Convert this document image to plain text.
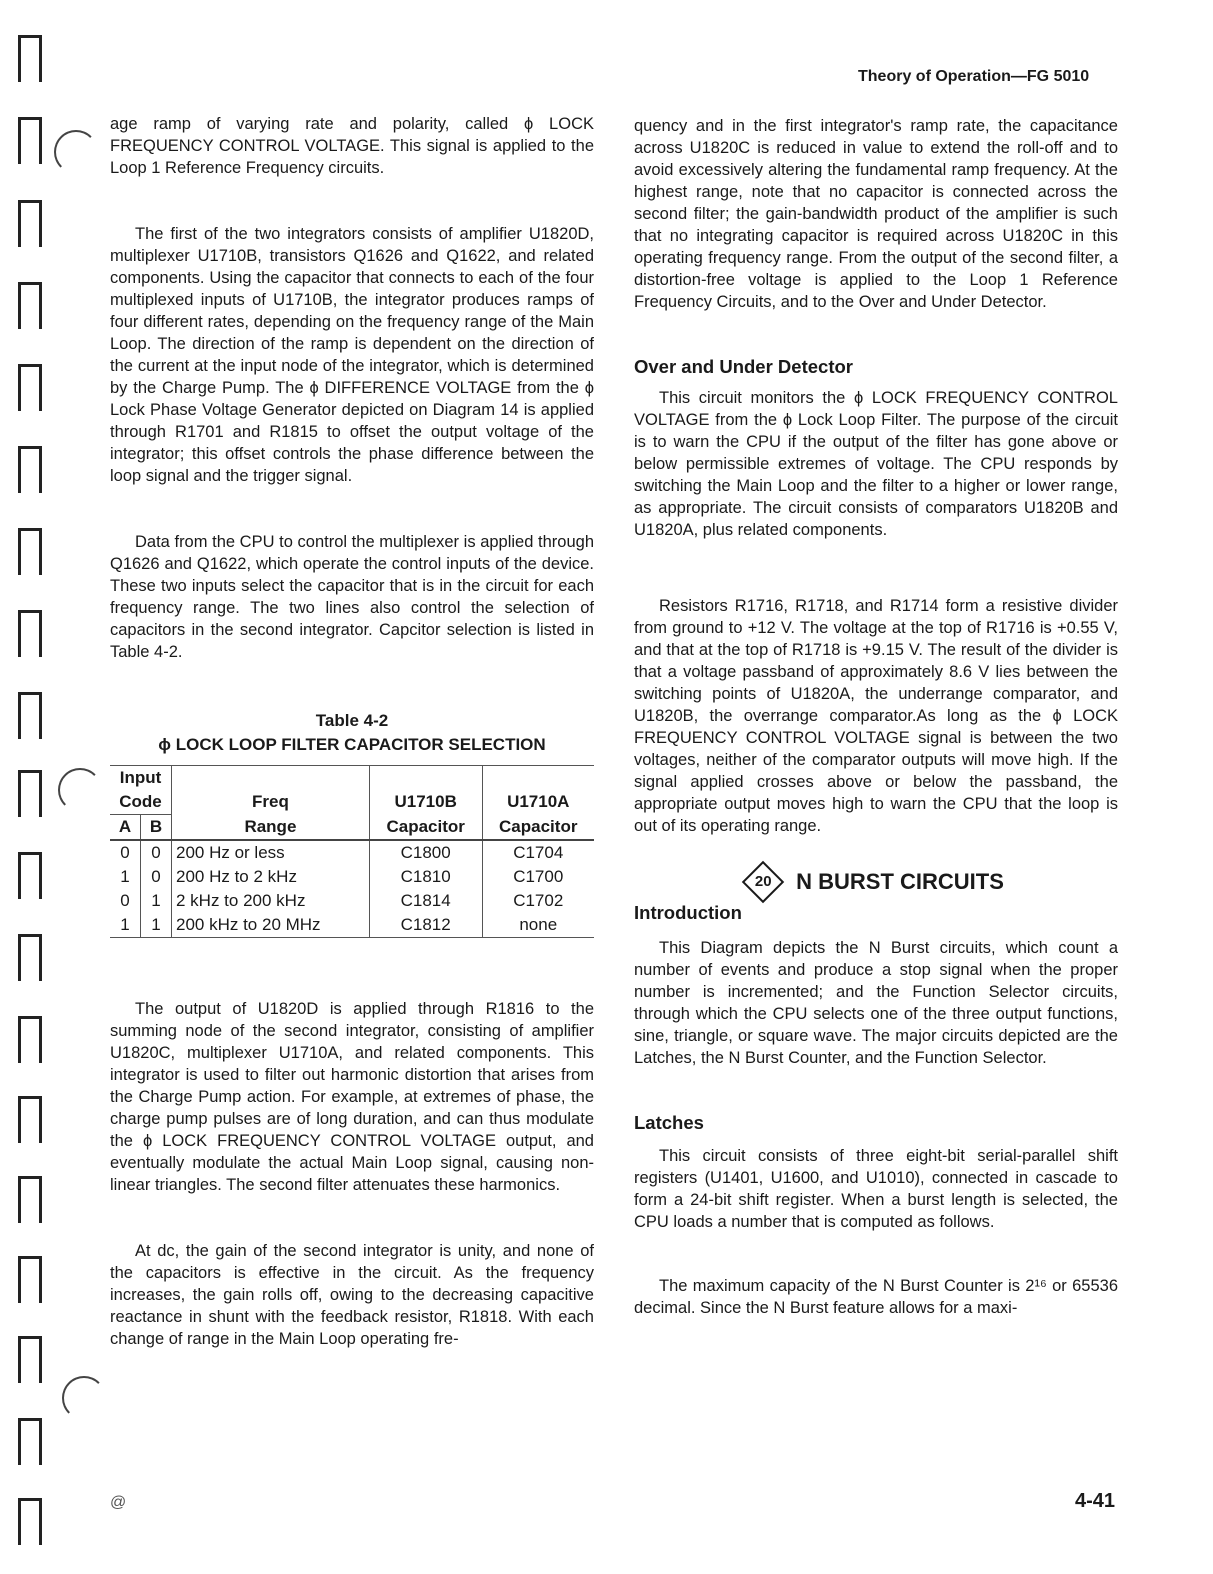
Theory of Operation—FG 5010

age ramp of varying rate and polarity, called ϕ LOCK FREQUENCY CONTROL VOLTAGE. This signal is applied to the Loop 1 Reference Frequency circuits.

The first of the two integrators consists of amplifier U1820D, multiplexer U1710B, transistors Q1626 and Q1622, and related components. Using the capacitor that connects to each of the four multiplexed inputs of U1710B, the integrator produces ramps of four different rates, depending on the frequency range of the Main Loop. The direction of the ramp is dependent on the direction of the current at the input node of the integrator, which is determined by the Charge Pump. The ϕ DIFFERENCE VOLTAGE from the ϕ Lock Phase Voltage Generator depicted on Diagram 14 is applied through R1701 and R1815 to offset the output voltage of the integrator; this offset controls the phase difference between the loop signal and the trigger signal.

Data from the CPU to control the multiplexer is applied through Q1626 and Q1622, which operate the control inputs of the device. These two inputs select the capacitor that is in the circuit for each frequency range. The two lines also control the selection of capacitors in the second integrator. Capcitor selection is listed in Table 4-2.

Table 4-2
ϕ LOCK LOOP FILTER CAPACITOR SELECTION
Input				
Code		Freq	U1710B	U1710A
A	B	Range	Capacitor	Capacitor
0	0	200 Hz or less	C1800	C1704
1	0	200 Hz to 2 kHz	C1810	C1700
0	1	2 kHz to 200 kHz	C1814	C1702
1	1	200 kHz to 20 MHz	C1812	none

The output of U1820D is applied through R1816 to the summing node of the second integrator, consisting of amplifier U1820C, multiplexer U1710A, and related components. This integrator is used to filter out harmonic distortion that arises from the Charge Pump action. For example, at extremes of phase, the charge pump pulses are of long duration, and can thus modulate the ϕ LOCK FREQUENCY CONTROL VOLTAGE output, and eventually modulate the actual Main Loop signal, causing non-linear triangles. The second filter attenuates these harmonics.

At dc, the gain of the second integrator is unity, and none of the capacitors is effective in the circuit. As the frequency increases, the gain rolls off, owing to the decreasing capacitive reactance in shunt with the feedback resistor, R1818. With each change of range in the Main Loop operating fre-

quency and in the first integrator's ramp rate, the capacitance across U1820C is reduced in value to extend the roll-off and to avoid excessively altering the fundamental ramp frequency. At the highest range, note that no capacitor is connected across the second filter; the gain-bandwidth product of the amplifier is such that no integrating capacitor is required across U1820C in this operating frequency range. From the output of the second filter, a distortion-free voltage is applied to the Loop 1 Reference Frequency Circuits, and to the Over and Under Detector.

Over and Under Detector

This circuit monitors the ϕ LOCK FREQUENCY CONTROL VOLTAGE from the ϕ Lock Loop Filter. The purpose of the circuit is to warn the CPU if the output of the filter has gone above or below permissible extremes of voltage. The CPU responds by switching the Main Loop and the filter to a higher or lower range, as appropriate. The circuit consists of comparators U1820B and U1820A, plus related components.

Resistors R1716, R1718, and R1714 form a resistive divider from ground to +12 V. The voltage at the top of R1716 is +0.55 V, and that at the top of R1718 is +9.15 V. The result of the divider is that a voltage passband of approximately 8.6 V lies between the switching points of U1820A, the underrange comparator, and U1820B, the overrange comparator.As long as the ϕ LOCK FREQUENCY CONTROL VOLTAGE signal is between the two voltages, neither of the comparator outputs will move high. If the signal applied crosses above or below the passband, the appropriate output moves high to warn the CPU that the loop is out of its operating range.

20 N BURST CIRCUITS
Introduction

This Diagram depicts the N Burst circuits, which count a number of events and produce a stop signal when the proper number is incremented; and the Function Selector circuits, through which the CPU selects one of the three output functions, sine, triangle, or square wave. The major circuits depicted are the Latches, the N Burst Counter, and the Function Selector.

Latches

This circuit consists of three eight-bit serial-parallel shift registers (U1401, U1600, and U1010), connected in cascade to form a 24-bit shift register. When a burst length is selected, the CPU loads a number that is computed as follows.

The maximum capacity of the N Burst Counter is 2¹⁶ or 65536 decimal. Since the N Burst feature allows for a maxi-

@	4-41
